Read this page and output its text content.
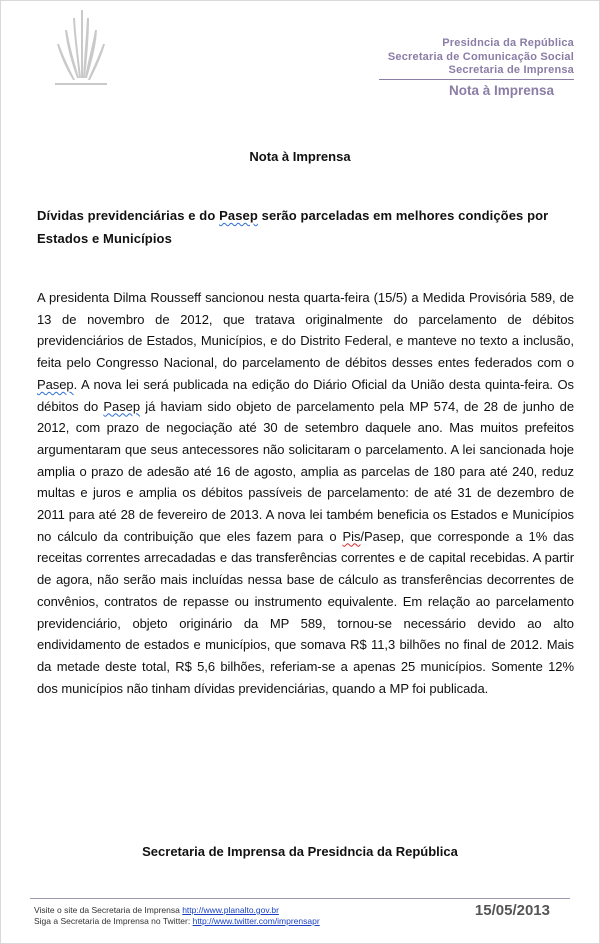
Presidncia da República
Secretaria de Comunicação Social
Secretaria de Imprensa
Nota à Imprensa
Nota à Imprensa
Dívidas previdenciárias e do Pasep serão parceladas em melhores condições por Estados e Municípios
A presidenta Dilma Rousseff sancionou nesta quarta-feira (15/5) a Medida Provisória 589, de 13 de novembro de 2012, que tratava originalmente do parcelamento de débitos previdenciários de Estados, Municípios, e do Distrito Federal, e manteve no texto a inclusão, feita pelo Congresso Nacional, do parcelamento de débitos desses entes federados com o Pasep. A nova lei será publicada na edição do Diário Oficial da União desta quinta-feira. Os débitos do Pasep já haviam sido objeto de parcelamento pela MP 574, de 28 de junho de 2012, com prazo de negociação até 30 de setembro daquele ano. Mas muitos prefeitos argumentaram que seus antecessores não solicitaram o parcelamento. A lei sancionada hoje amplia o prazo de adesão até 16 de agosto, amplia as parcelas de 180 para até 240, reduz multas e juros e amplia os débitos passíveis de parcelamento: de até 31 de dezembro de 2011 para até 28 de fevereiro de 2013. A nova lei também beneficia os Estados e Municípios no cálculo da contribuição que eles fazem para o Pis/Pasep, que corresponde a 1% das receitas correntes arrecadadas e das transferências correntes e de capital recebidas. A partir de agora, não serão mais incluídas nessa base de cálculo as transferências decorrentes de convênios, contratos de repasse ou instrumento equivalente. Em relação ao parcelamento previdenciário, objeto originário da MP 589, tornou-se necessário devido ao alto endividamento de estados e municípios, que somava R$ 11,3 bilhões no final de 2012. Mais da metade deste total, R$ 5,6 bilhões, referiam-se a apenas 25 municípios. Somente 12% dos municípios não tinham dívidas previdenciárias, quando a MP foi publicada.
Secretaria de Imprensa da Presidncia da República
Visite o site da Secretaria de Imprensa http://www.planalto.gov.br
Siga a Secretaria de Imprensa no Twitter: http://www.twitter.com/imprensapr
15/05/2013
